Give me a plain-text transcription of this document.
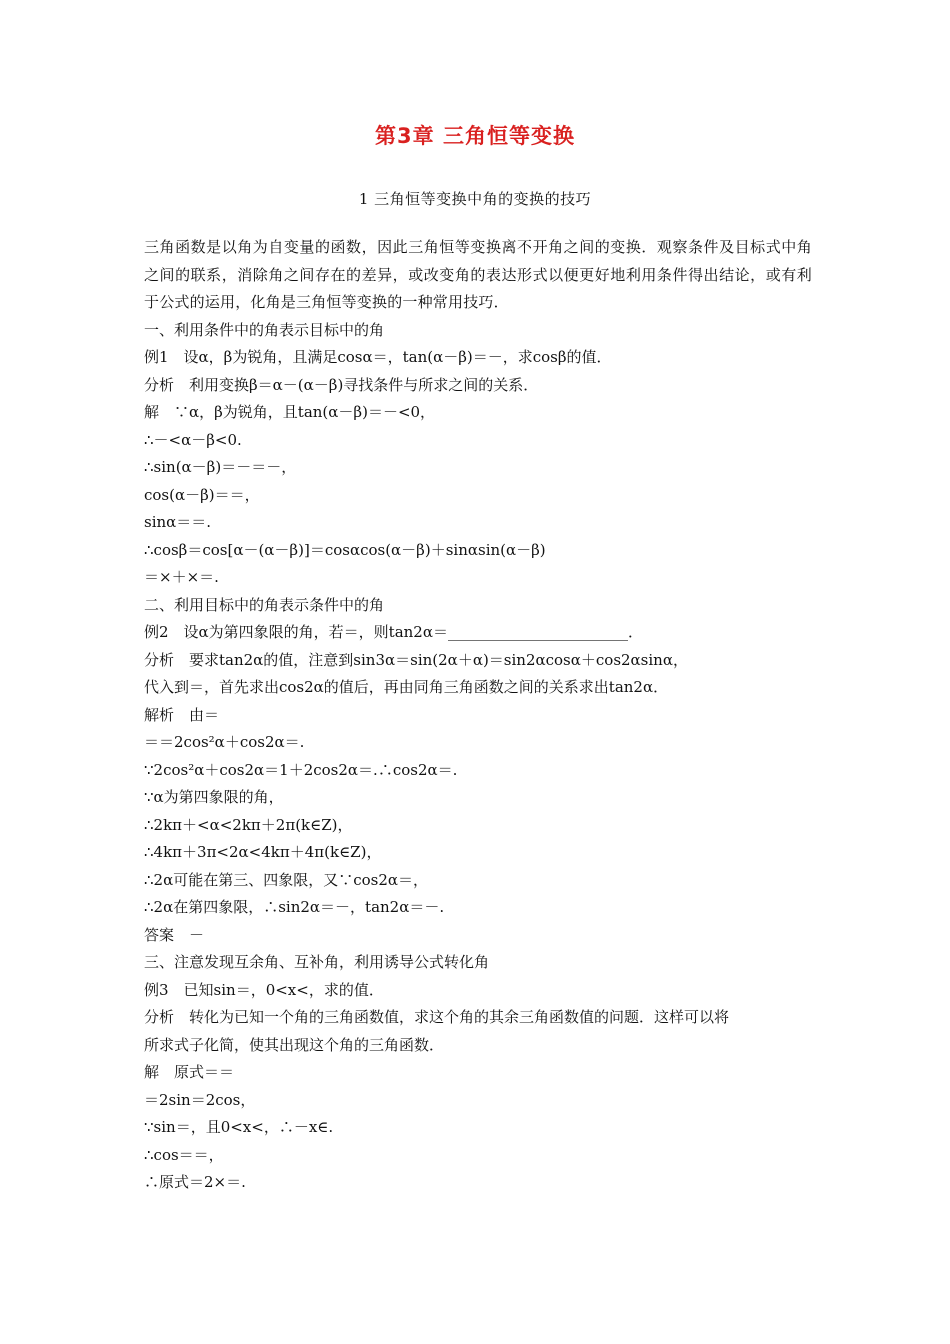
第3章 三角恒等变换
1 三角恒等变换中角的变换的技巧
三角函数是以角为自变量的函数，因此三角恒等变换离不开角之间的变换．观察条件及目标式中角之间的联系，消除角之间存在的差异，或改变角的表达形式以便更好地利用条件得出结论，或有利于公式的运用，化角是三角恒等变换的一种常用技巧．
一、利用条件中的角表示目标中的角
例1　设α，β为锐角，且满足cosα＝，tan(α－β)＝－，求cosβ的值．
分析　利用变换β＝α－(α－β)寻找条件与所求之间的关系．
解　∵α，β为锐角，且tan(α－β)＝－<0，
∴－<α－β<0.
∴sin(α－β)＝－＝－，
cos(α－β)＝＝，
sinα＝＝.
∴cosβ＝cos[α－(α－β)]＝cosαcos(α－β)＋sinαsin(α－β)
＝×＋×＝.
二、利用目标中的角表示条件中的角
例2　设α为第四象限的角，若＝，则tan2α＝________________________．
分析　要求tan2α的值，注意到sin3α＝sin(2α＋α)＝sin2αcosα＋cos2αsinα，
代入到＝，首先求出cos2α的值后，再由同角三角函数之间的关系求出tan2α．
解析　由＝
＝＝2cos²α＋cos2α＝.
∵2cos²α＋cos2α＝1＋2cos2α＝.∴cos2α＝.
∵α为第四象限的角，
∴2kπ＋<α<2kπ＋2π(k∈Z)，
∴4kπ＋3π<2α<4kπ＋4π(k∈Z)，
∴2α可能在第三、四象限，又∵cos2α＝，
∴2α在第四象限，∴sin2α＝－，tan2α＝－.
答案　－
三、注意发现互余角、互补角，利用诱导公式转化角
例3　已知sin＝，0<x<，求的值．
分析　转化为已知一个角的三角函数值，求这个角的其余三角函数值的问题．这样可以将
所求式子化简，使其出现这个角的三角函数．
解　原式＝＝
＝2sin＝2cos，
∵sin＝，且0<x<，∴－x∈.
∴cos＝＝，
∴原式＝2×＝.
